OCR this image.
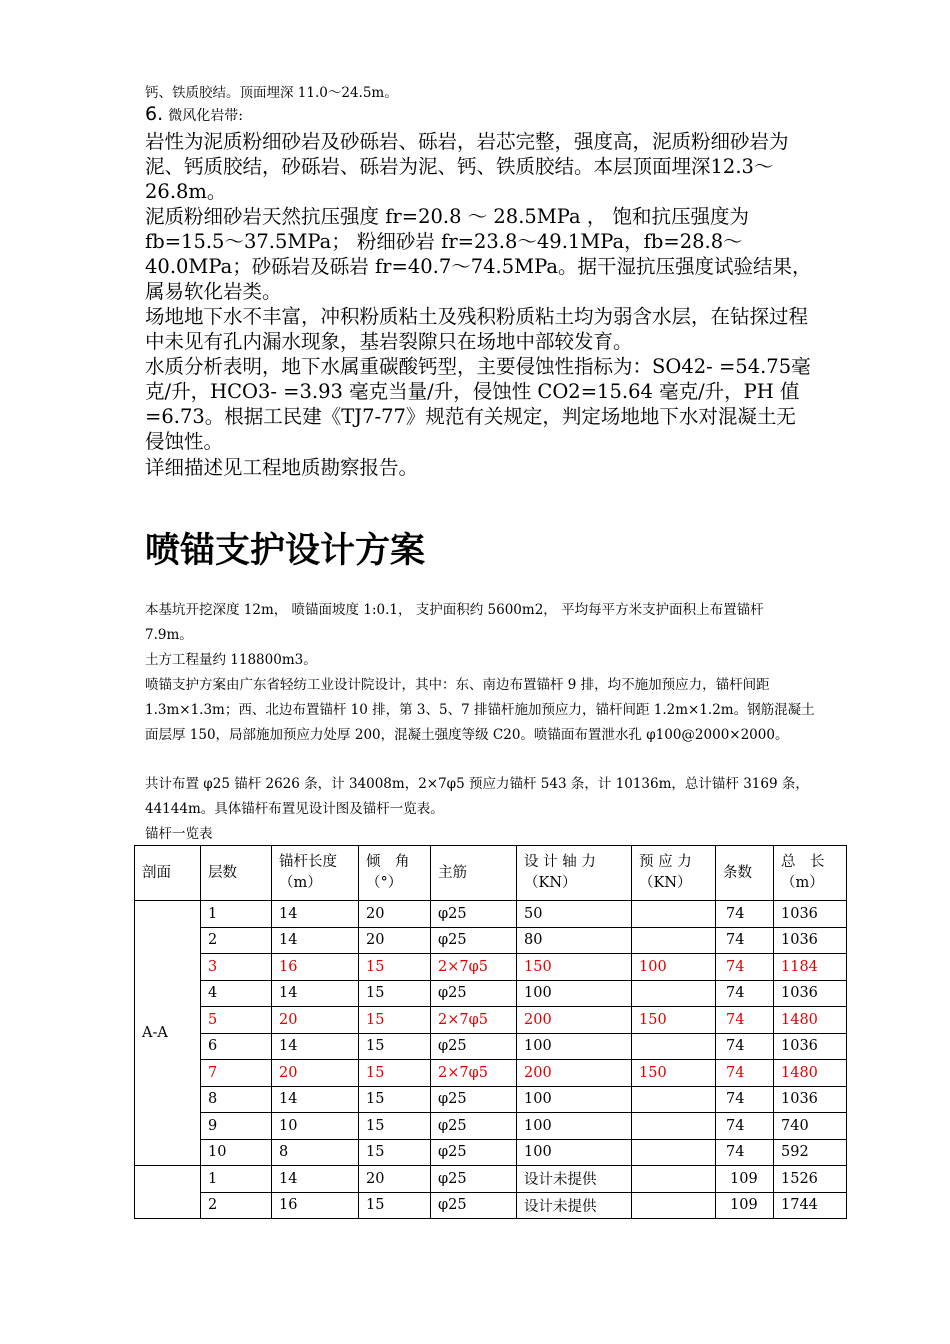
钙、铁质胶结。顶面埋深 11.0～24.5m。

6. 微风化岩带:

岩性为泥质粉细砂岩及砂砾岩、砾岩，岩芯完整，强度高，泥质粉细砂岩为泥、钙质胶结，砂砾岩、砾岩为泥、钙、铁质胶结。本层顶面埋深12.3～26.8m。

泥质粉细砂岩天然抗压强度 fr=20.8 ～ 28.5MPa ， 饱和抗压强度为 fb=15.5～37.5MPa； 粉细砂岩 fr=23.8～49.1MPa，fb=28.8～40.0MPa；砂砾岩及砾岩 fr=40.7～74.5MPa。据干湿抗压强度试验结果，属易软化岩类。

场地地下水不丰富，冲积粉质粘土及残积粉质粘土均为弱含水层，在钻探过程中未见有孔内漏水现象，基岩裂隙只在场地中部较发育。

水质分析表明，地下水属重碳酸钙型，主要侵蚀性指标为：SO42- =54.75毫克/升，HCO3- =3.93 毫克当量/升，侵蚀性 CO2=15.64 毫克/升，PH 值=6.73。根据工民建《TJ7-77》规范有关规定，判定场地地下水对混凝土无侵蚀性。

详细描述见工程地质勘察报告。

本基坑开挖深度 12m， 喷锚面坡度 1:0.1， 支护面积约 5600m2， 平均每平方米支护面积上布置锚杆 7.9m。

土方工程量约 118800m3。

喷锚支护方案由广东省轻纺工业设计院设计，其中：东、南边布置锚杆 9 排，均不施加预应力，锚杆间距 1.3m×1.3m；西、北边布置锚杆 10 排，第 3、5、7 排锚杆施加预应力，锚杆间距 1.2m×1.2m。钢筋混凝土面层厚 150，局部施加预应力处厚 200，混凝土强度等级 C20。喷锚面布置泄水孔 φ100@2000×2000。

共计布置 φ25 锚杆 2626 条，计 34008m，2×7φ5 预应力锚杆 543 条，计 10136m，总计锚杆 3169 条，44144m。具体锚杆布置见设计图及锚杆一览表。

锚杆一览表

喷锚支护设计方案
剖面	层数	锚杆长度（m）	倾　角（°）	主筋	设 计 轴 力（KN）	预 应 力（KN）	条数	总　长（m）
A-A	1	14	20	φ25	50		74	1036
	2	14	20	φ25	80		74	1036
	3	16	15	2×7φ5	150	100	74	1184
	4	14	15	φ25	100		74	1036
	5	20	15	2×7φ5	200	150	74	1480
	6	14	15	φ25	100		74	1036
	7	20	15	2×7φ5	200	150	74	1480
	8	14	15	φ25	100		74	1036
	9	10	15	φ25	100		74	740
	10	8	15	φ25	100		74	592
	1	14	20	φ25	设计未提供		109	1526
	2	16	15	φ25	设计未提供		109	1744
